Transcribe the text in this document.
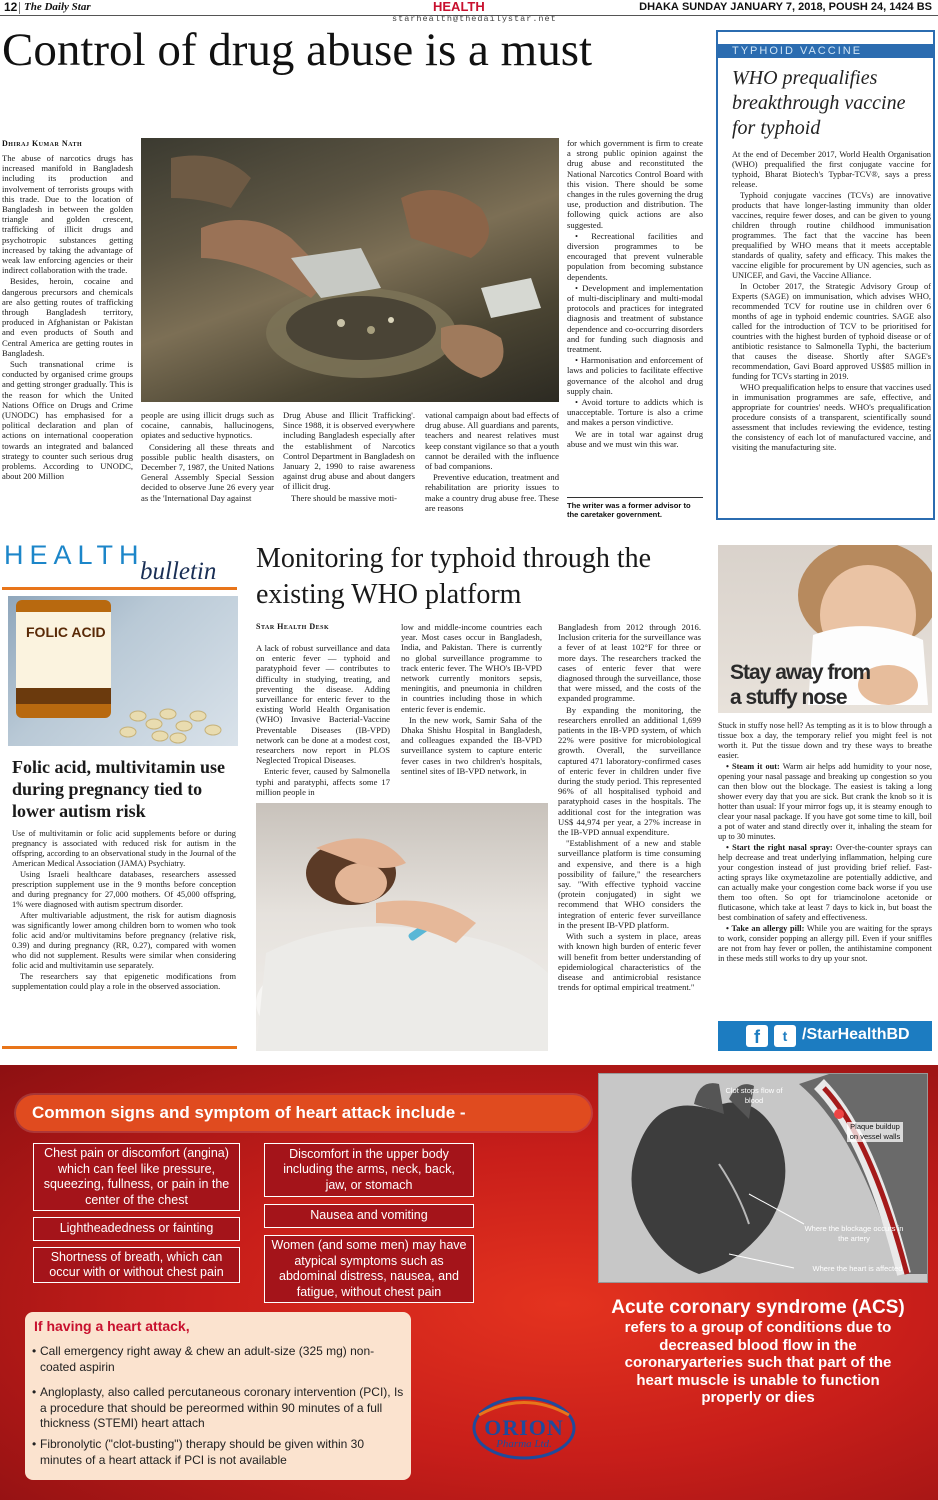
12 The Daily Star	HEALTH
starhealth@thedailystar.net
DHAKA SUNDAY JANUARY 7, 2018, POUSH 24, 1424 BS
Control of drug abuse is a must
Dhiraj Kumar Nath

The abuse of narcotics drugs has increased manifold in Bangladesh including its production and involvement of terrorists groups with this trade. Due to the location of Bangladesh in between the golden triangle and golden crescent, trafficking of illicit drugs and psychotropic substances getting increased by taking the advantage of weak law enforcing agencies or their indirect collaboration with the trade.

Besides, heroin, cocaine and dangerous precursors and chemicals are also getting routes of trafficking through Bangladesh territory, produced in Afghanistan or Pakistan and even products of South and Central America are getting routes in Bangladesh.

Such transnational crime is conducted by organised crime groups and getting stronger gradually. This is the reason for which the United Nations Office on Drugs and Crime (UNODC) has emphasised for a political declaration and plan of actions on international cooperation towards an integrated and balanced strategy to counter such serious drug problems. According to UNODC, about 200 Million

people are using illicit drugs such as cocaine, cannabis, hallucinogens, opiates and seductive hypnotics.

Considering all these threats and possible public health disasters, on December 7, 1987, the United Nations General Assembly Special Session decided to observe June 26 every year as the 'International Day against

Drug Abuse and Illicit Trafficking'. Since 1988, it is observed everywhere including Bangladesh especially after the establishment of Narcotics Control Department in Bangladesh on January 2, 1990 to raise awareness against drug abuse and about dangers of illicit drug.

There should be massive moti-

vational campaign about bad effects of drug abuse. All guardians and parents, teachers and nearest relatives must keep constant vigilance so that a youth cannot be derailed with the influence of bad companions.

Preventive education, treatment and rehabilitation are priority issues to make a country drug abuse free. These are reasons

for which government is firm to create a strong public opinion against the drug abuse and reconstituted the National Narcotics Control Board with this vision. There should be some changes in the rules governing the drug use, production and distribution. The following quick actions are also suggested.

• Recreational facilities and diversion programmes to be encouraged that prevent vulnerable population from becoming substance dependents.

• Development and implementation of multi-disciplinary and multi-modal protocols and practices for integrated diagnosis and treatment of substance dependence and co-occurring disorders and for funding such diagnosis and treatment.

• Harmonisation and enforcement of laws and policies to facilitate effective governance of the alcohol and drug supply chain.

• Avoid torture to addicts which is unacceptable. Torture is also a crime and makes a person vindictive.

We are in total war against drug abuse and we must win this war.

The writer was a former advisor to the caretaker government.
TYPHOID VACCINE
WHO prequalifies breakthrough vaccine for typhoid

At the end of December 2017, World Health Organisation (WHO) prequalified the first conjugate vaccine for typhoid, Bharat Biotech's Typbar-TCV®, says a press release.

Typhoid conjugate vaccines (TCVs) are innovative products that have longer-lasting immunity than older vaccines, require fewer doses, and can be given to young children through routine childhood immunisation programmes. The fact that the vaccine has been prequalified by WHO means that it meets acceptable standards of quality, safety and efficacy. This makes the vaccine eligible for procurement by UN agencies, such as UNICEF, and Gavi, the Vaccine Alliance.

In October 2017, the Strategic Advisory Group of Experts (SAGE) on immunisation, which advises WHO, recommended TCV for routine use in children over 6 months of age in typhoid endemic countries. SAGE also called for the introduction of TCV to be prioritised for countries with the highest burden of typhoid disease or of antibiotic resistance to Salmonella Typhi, the bacterium that causes the disease. Shortly after SAGE's recommendation, Gavi Board approved US$85 million in funding for TCVs starting in 2019.

WHO prequalification helps to ensure that vaccines used in immunisation programmes are safe, effective, and appropriate for countries' needs. WHO's prequalification procedure consists of a transparent, scientifically sound assessment that includes reviewing the evidence, testing the consistency of each lot of manufactured vaccine, and visiting the manufacturing site.

HEALTH
bulletin
FOLIC ACID
Folic acid, multivitamin use during pregnancy tied to lower autism risk

Use of multivitamin or folic acid supplements before or during pregnancy is associated with reduced risk for autism in the offspring, according to an observational study in the Journal of the American Medical Association (JAMA) Psychiatry.

Using Israeli healthcare databases, researchers assessed prescription supplement use in the 9 months before conception and during pregnancy for 27,000 mothers. Of 45,000 offspring, 1% were diagnosed with autism spectrum disorder.

After multivariable adjustment, the risk for autism diagnosis was significantly lower among children born to women who took folic acid and/or multivitamins before pregnancy (relative risk, 0.39) and during pregnancy (RR, 0.27), compared with women who did not supplement. Results were similar when considering folic acid and multivitamin use separately.

The researchers say that epigenetic modifications from supplementation could play a role in the observed association.

Monitoring for typhoid through the existing WHO platform
Star Health Desk

A lack of robust surveillance and data on enteric fever — typhoid and paratyphoid fever — contributes to difficulty in studying, treating, and preventing the disease. Adding surveillance for enteric fever to the existing World Health Organisation (WHO) Invasive Bacterial-Vaccine Preventable Diseases (IB-VPD) network can be done at a modest cost, researchers now report in PLOS Neglected Tropical Diseases.

Enteric fever, caused by Salmonella typhi and paratyphi, affects some 17 million people in

low and middle-income countries each year. Most cases occur in Bangladesh, India, and Pakistan. There is currently no global surveillance programme to track enteric fever. The WHO's IB-VPD network currently monitors sepsis, meningitis, and pneumonia in children in countries including those in which enteric fever is endemic.

In the new work, Samir Saha of the Dhaka Shishu Hospital in Bangladesh, and colleagues expanded the IB-VPD surveillance system to capture enteric fever cases in two children's hospitals, sentinel sites of IB-VPD network, in

Bangladesh from 2012 through 2016. Inclusion criteria for the surveillance was a fever of at least 102°F for three or more days. The researchers tracked the cases of enteric fever that were diagnosed through the surveillance, those that were missed, and the costs of the expanded programme.

By expanding the monitoring, the researchers enrolled an additional 1,699 patients in the IB-VPD system, of which 22% were positive for microbiological growth. Overall, the surveillance captured 471 laboratory-confirmed cases of enteric fever in children under five during the study period. This represented 96% of all hospitalised typhoid and paratyphoid cases in the hospitals. The additional cost for the integration was US$ 44,974 per year, a 27% increase in the IB-VPD annual expenditure.

"Establishment of a new and stable surveillance platform is time consuming and expensive, and there is a high possibility of failure," the researchers say. "With effective typhoid vaccine (protein conjugated) in sight we recommend that WHO considers the integration of enteric fever surveillance in the present IB-VPD platform.

With such a system in place, areas with known high burden of enteric fever will benefit from better understanding of epidemiological characteristics of the disease and antimicrobial resistance trends for optimal empirical treatment."

Stay away from
a stuffy nose

Stuck in stuffy nose hell? As tempting as it is to blow through a tissue box a day, the temporary relief you might feel is not worth it. Put the tissue down and try these ways to breathe easier.

• Steam it out: Warm air helps add humidity to your nose, opening your nasal passage and breaking up congestion so you can then blow out the blockage. The easiest is taking a long shower every day that you are sick. But crank the knob so it is hotter than usual: If your mirror fogs up, it is steamy enough to clear your nasal package. If you have got some time to kill, boil a pot of water and stand directly over it, inhaling the steam for up to 30 minutes.

• Start the right nasal spray: Over-the-counter sprays can help decrease and treat underlying inflammation, helping cure your congestion instead of just providing brief relief. Fast-acting sprays like oxymetazoline are potentially addictive, and can actually make your congestion come back worse if you use them too often. So opt for triamcinolone acetonide or fluticasone, which take at least 7 days to kick in, but boast the best combination of safety and effectiveness.

• Take an allergy pill: While you are waiting for the sprays to work, consider popping an allergy pill. Even if your sniffles are not from hay fever or pollen, the antihistamine component in these meds still works to dry up your snot.

f	t /StarHealthBD
Common signs and symptom of heart attack include -
Chest pain or discomfort (angina) which can feel like pressure, squeezing, fullness, or pain in the center of the chest
Lightheadedness or fainting
Shortness of breath, which can occur with or without chest pain
Discomfort in the upper body including the arms, neck, back, jaw, or stomach
Nausea and vomiting
Women (and some men) may have atypical symptoms such as abdominal distress, nausea, and fatigue, without chest pain
If having a heart attack,
• Call emergency right away & chew an adult-size (325 mg) non-coated aspirin
• Angloplasty, also called percutaneous coronary intervention (PCI), Is a procedure that should be pereormed within 90 minutes of a full thickness (STEMI) heart attach
• Fibronolytic ("clot-busting") therapy should be given within 30 minutes of a heart attack if PCI is not available
Clot stops flow of blood
Plaque buildup on vessel walls
Where the blockage occurs in the artery
Where the heart is affected
Acute coronary syndrome (ACS)
refers to a group of conditions due to decreased blood flow in the coronaryarteries such that part of the heart muscle is unable to function properly or dies
ORION
Pharma Ltd.
